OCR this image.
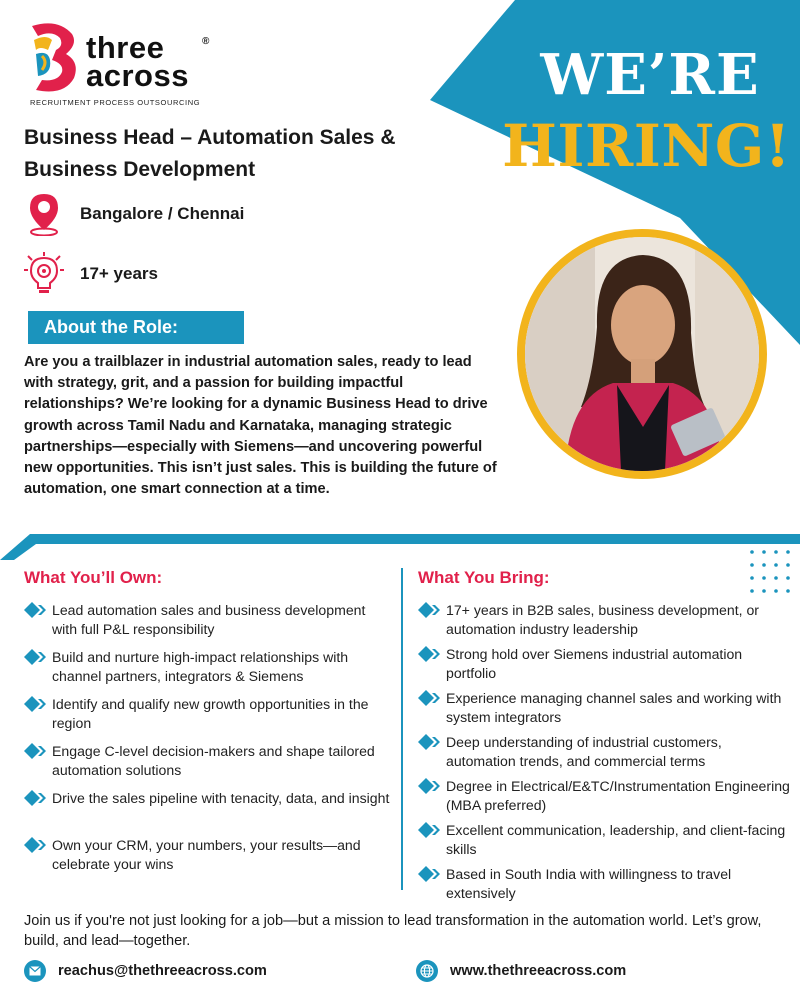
three
across
®
RECRUITMENT PROCESS OUTSOURCING	WE’RE
HIRING!
Business Head – Automation Sales & Business Development
Bangalore / Chennai
17+ years
About the Role:
Are you a trailblazer in industrial automation sales, ready to lead with strategy, grit, and a passion for building impactful relationships? We’re looking for a dynamic Business Head to drive growth across Tamil Nadu and Karnataka, managing strategic partnerships—especially with Siemens—and uncovering powerful new opportunities. This isn’t just sales. This is building the future of automation, one smart connection at a time.
What You’ll Own:	What You Bring:
Lead automation sales and business development with full P&L responsibility
Build and nurture high-impact relationships with channel partners, integrators & Siemens
Identify and qualify new growth opportunities in the region
Engage C-level decision-makers and shape tailored automation solutions
Drive the sales pipeline with tenacity, data, and insight
Own your CRM, your numbers, your results—and celebrate your wins
17+ years in B2B sales, business development, or automation industry leadership
Strong hold over Siemens industrial automation portfolio
Experience managing channel sales and working with system integrators
Deep understanding of industrial customers, automation trends, and commercial terms
Degree in Electrical/E&TC/Instrumentation Engineering (MBA preferred)
Excellent communication, leadership, and client-facing skills
Based in South India with willingness to travel extensively
Join us if you're not just looking for a job—but a mission to lead transformation in the automation world. Let’s grow, build, and lead—together.
reachus@thethreeacross.com	www.thethreeacross.com
